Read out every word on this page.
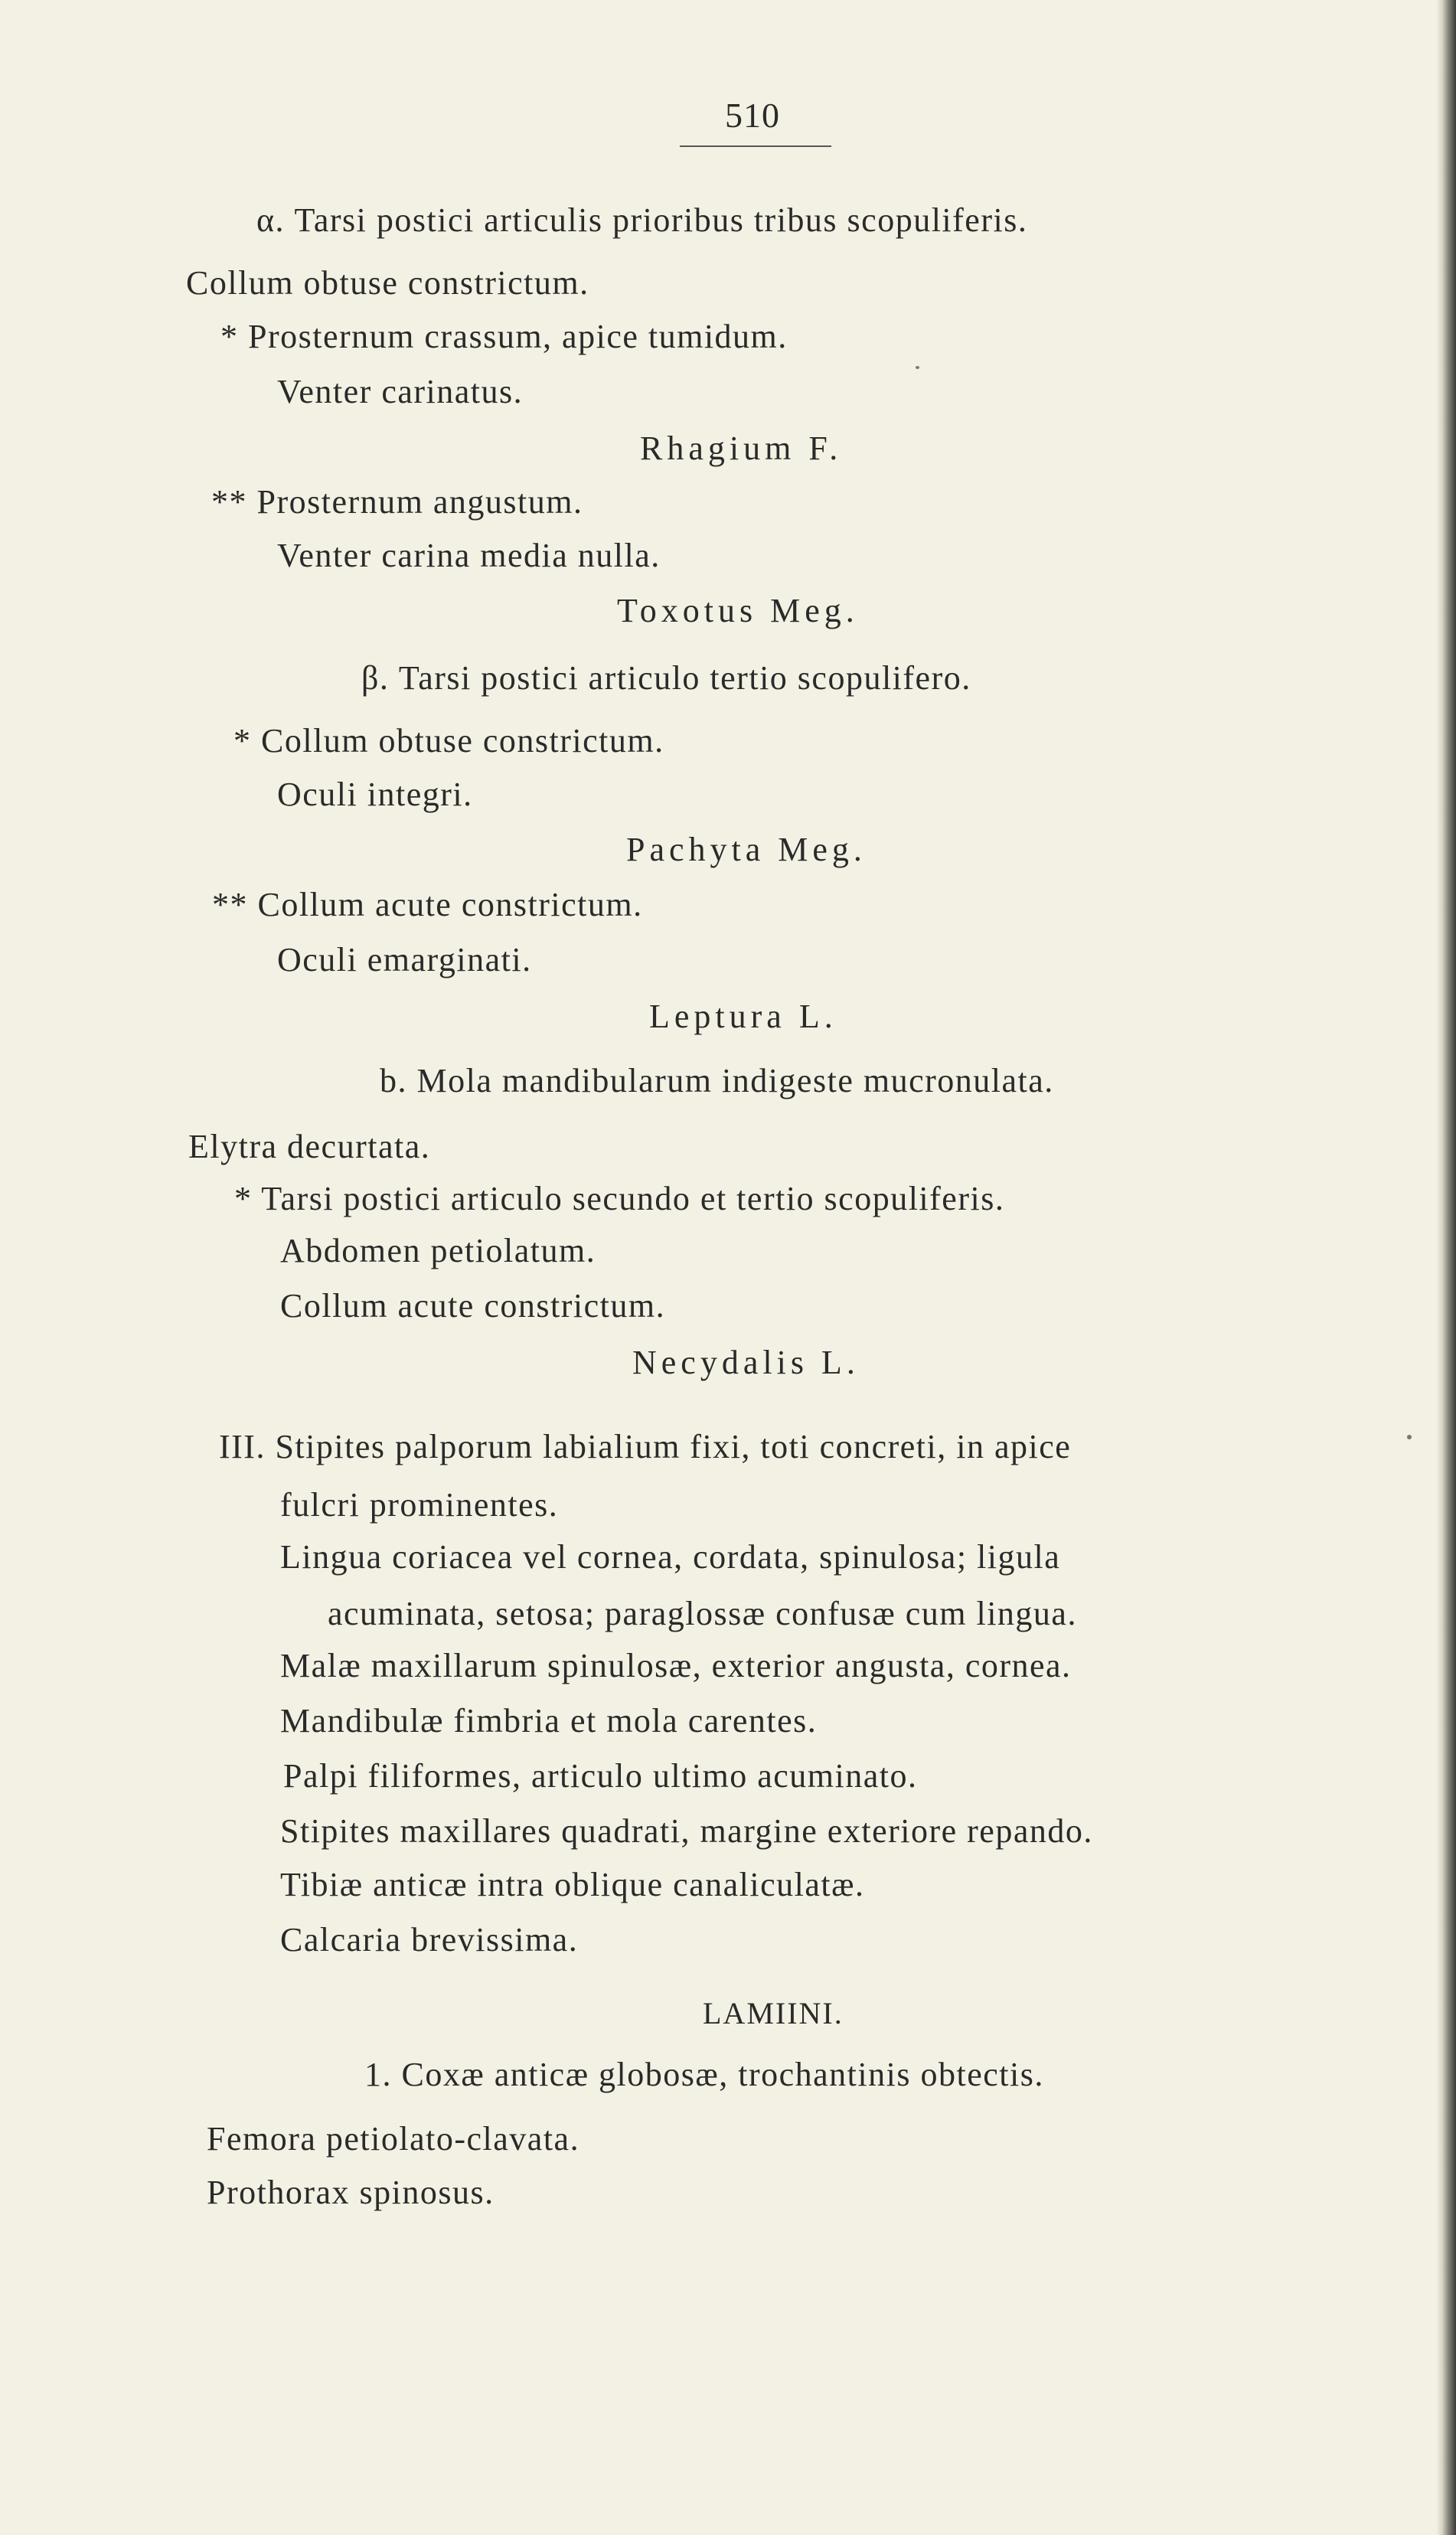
510
α. Tarsi postici articulis prioribus tribus scopuliferis.
Collum obtuse constrictum.
* Prosternum crassum, apice tumidum.
Venter carinatus.
Rhagium F.
** Prosternum angustum.
Venter carina media nulla.
Toxotus Meg.
β. Tarsi postici articulo tertio scopulifero.
* Collum obtuse constrictum.
Oculi integri.
Pachyta Meg.
** Collum acute constrictum.
Oculi emarginati.
Leptura L.
b. Mola mandibularum indigeste mucronulata.
Elytra decurtata.
* Tarsi postici articulo secundo et tertio scopuliferis.
Abdomen petiolatum.
Collum acute constrictum.
Necydalis L.
III. Stipites palporum labialium fixi, toti concreti, in apice
fulcri prominentes.
Lingua coriacea vel cornea, cordata, spinulosa; ligula
acuminata, setosa; paraglossæ confusæ cum lingua.
Malæ maxillarum spinulosæ, exterior angusta, cornea.
Mandibulæ fimbria et mola carentes.
Palpi filiformes, articulo ultimo acuminato.
Stipites maxillares quadrati, margine exteriore repando.
Tibiæ anticæ intra oblique canaliculatæ.
Calcaria brevissima.
LAMIINI.
1. Coxæ anticæ globosæ, trochantinis obtectis.
Femora petiolato-clavata.
Prothorax spinosus.
